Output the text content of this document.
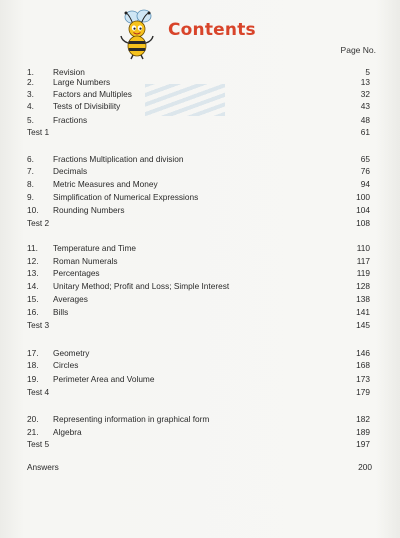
Contents
Page No.
1.	Revision	5
2.	Large Numbers	13
3.	Factors and Multiples	32
4.	Tests of Divisibility	43
5.	Fractions	48
Test 1	61
6.	Fractions Multiplication and division	65
7.	Decimals	76
8.	Metric Measures and Money	94
9.	Simplification of Numerical Expressions	100
10.	Rounding Numbers	104
Test 2	108
11.	Temperature and Time	110
12.	Roman Numerals	117
13.	Percentages	119
14.	Unitary Method; Profit and Loss; Simple Interest	128
15.	Averages	138
16.	Bills	141
Test 3	145
17.	Geometry	146
18.	Circles	168
19.	Perimeter Area and Volume	173
Test 4	179
20.	Representing information in graphical form	182
21.	Algebra	189
Test 5	197
Answers	200
